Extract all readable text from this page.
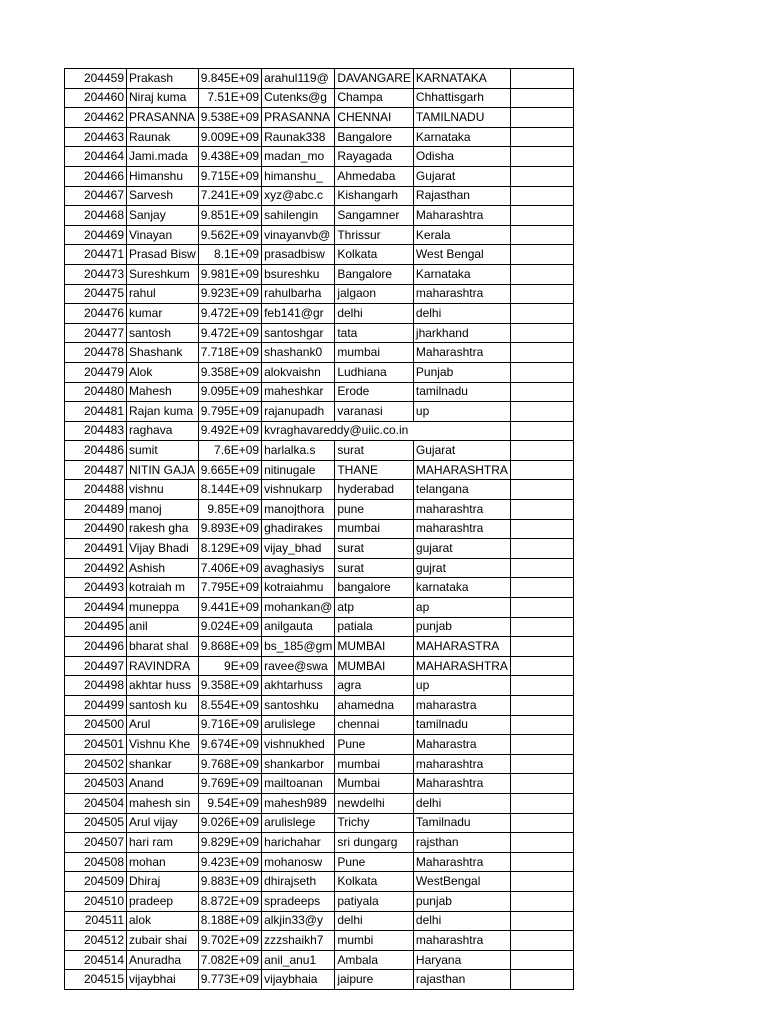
204459	Prakash	9.845E+09	arahul119@	DAVANGARE	KARNATAKA	
204460	Niraj kuma	7.51E+09	Cutenks@g	Champa	Chhattisgarh	
204462	PRASANNA	9.538E+09	PRASANNA	CHENNAI	TAMILNADU	
204463	Raunak	9.009E+09	Raunak338	Bangalore	Karnataka	
204464	Jami.mada	9.438E+09	madan_mo	Rayagada	Odisha	
204466	Himanshu	9.715E+09	himanshu_	Ahmedaba	Gujarat	
204467	Sarvesh	7.241E+09	xyz@abc.c	Kishangarh	Rajasthan	
204468	Sanjay	9.851E+09	sahilengin	Sangamner	Maharashtra	
204469	Vinayan	9.562E+09	vinayanvb@	Thrissur	Kerala	
204471	Prasad Bisw	8.1E+09	prasadbisw	Kolkata	West Bengal	
204473	Sureshkum	9.981E+09	bsureshku	Bangalore	Karnataka	
204475	rahul	9.923E+09	rahulbarha	jalgaon	maharashtra	
204476	kumar	9.472E+09	feb141@gr	delhi	delhi	
204477	santosh	9.472E+09	santoshgar	tata	jharkhand	
204478	Shashank	7.718E+09	shashank0	mumbai	Maharashtra	
204479	Alok	9.358E+09	alokvaishn	Ludhiana	Punjab	
204480	Mahesh	9.095E+09	maheshkar	Erode	tamilnadu	
204481	Rajan kuma	9.795E+09	rajanupadh	varanasi	up	
204483	raghava	9.492E+09	kvraghavareddy@uiic.co.in			
204486	sumit	7.6E+09	harlalka.s	surat	Gujarat	
204487	NITIN GAJA	9.665E+09	nitinugale	THANE	MAHARASHTRA	
204488	vishnu	8.144E+09	vishnukarp	hyderabad	telangana	
204489	manoj	9.85E+09	manojthora	pune	maharashtra	
204490	rakesh gha	9.893E+09	ghadirakes	mumbai	maharashtra	
204491	Vijay Bhadi	8.129E+09	vijay_bhad	surat	gujarat	
204492	Ashish	7.406E+09	avaghasiys	surat	gujrat	
204493	kotraiah m	7.795E+09	kotraiahmu	bangalore	karnataka	
204494	muneppa	9.441E+09	mohankan@	atp	ap	
204495	anil	9.024E+09	anilgauta	patiala	punjab	
204496	bharat shal	9.868E+09	bs_185@gm	MUMBAI	MAHARASTRA	
204497	RAVINDRA	9E+09	ravee@swa	MUMBAI	MAHARASHTRA	
204498	akhtar huss	9.358E+09	akhtarhuss	agra	up	
204499	santosh ku	8.554E+09	santoshku	ahamedna	maharastra	
204500	Arul	9.716E+09	arulislege	chennai	tamilnadu	
204501	Vishnu Khe	9.674E+09	vishnukhed	Pune	Maharastra	
204502	shankar	9.768E+09	shankarbor	mumbai	maharashtra	
204503	Anand	9.769E+09	mailtoanan	Mumbai	Maharashtra	
204504	mahesh sin	9.54E+09	mahesh989	newdelhi	delhi	
204505	Arul vijay	9.026E+09	arulislege	Trichy	Tamilnadu	
204507	hari ram	9.829E+09	harichahar	sri dungarg	rajsthan	
204508	mohan	9.423E+09	mohanosw	Pune	Maharashtra	
204509	Dhiraj	9.883E+09	dhirajseth	Kolkata	WestBengal	
204510	pradeep	8.872E+09	spradeeps	patiyala	punjab	
204511	alok	8.188E+09	alkjin33@y	delhi	delhi	
204512	zubair shai	9.702E+09	zzzshaikh7	mumbi	maharashtra	
204514	Anuradha	7.082E+09	anil_anu1	Ambala	Haryana	
204515	vijaybhai	9.773E+09	vijaybhaia	jaipure	rajasthan	
